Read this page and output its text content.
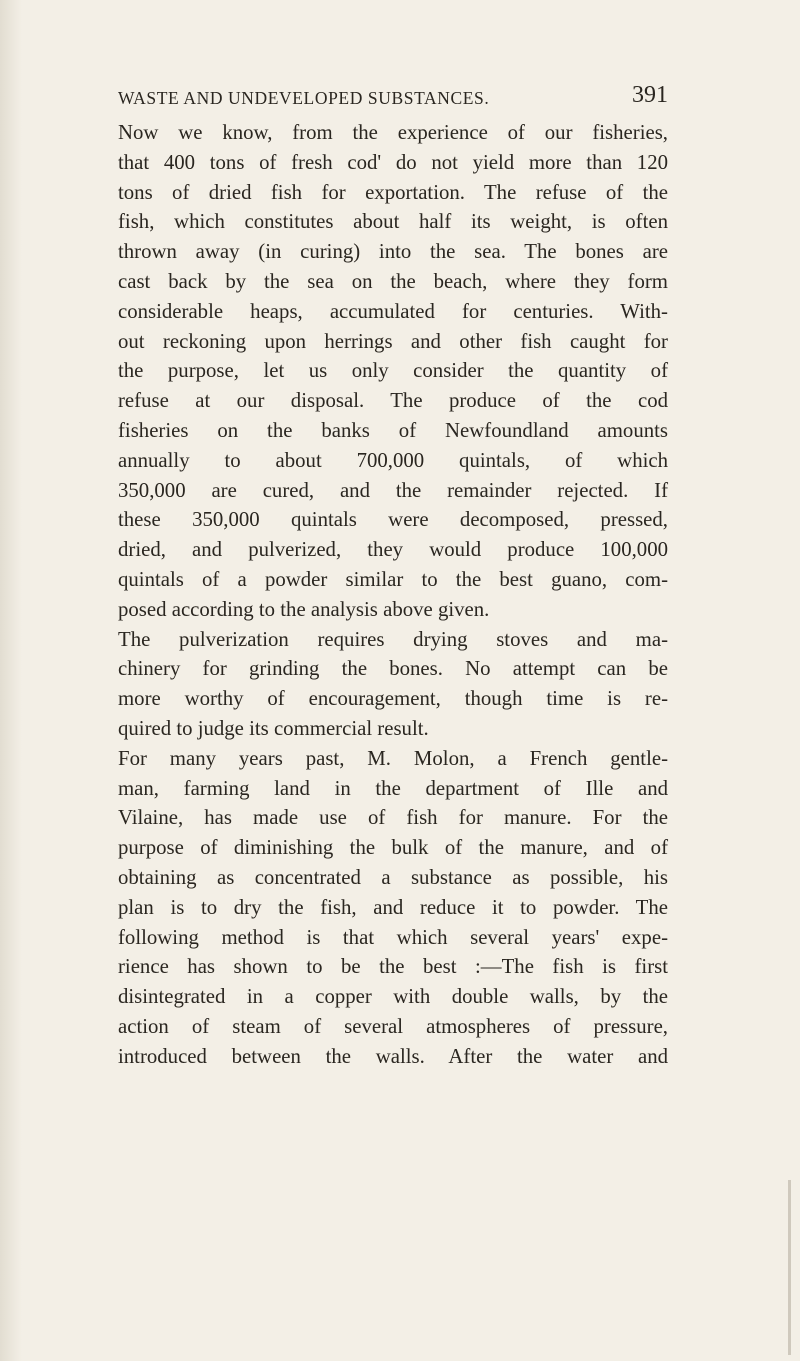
WASTE AND UNDEVELOPED SUBSTANCES.	391
Now we know, from the experience of our fisheries,
that 400 tons of fresh cod' do not yield more than 120
tons of dried fish for exportation. The refuse of the
fish, which constitutes about half its weight, is often
thrown away (in curing) into the sea. The bones are
cast back by the sea on the beach, where they form
considerable heaps, accumulated for centuries. With-
out reckoning upon herrings and other fish caught for
the purpose, let us only consider the quantity of
refuse at our disposal. The produce of the cod
fisheries on the banks of Newfoundland amounts
annually to about 700,000 quintals, of which
350,000 are cured, and the remainder rejected. If
these 350,000 quintals were decomposed, pressed,
dried, and pulverized, they would produce 100,000
quintals of a powder similar to the best guano, com-
posed according to the analysis above given.
The pulverization requires drying stoves and ma-
chinery for grinding the bones. No attempt can be
more worthy of encouragement, though time is re-
quired to judge its commercial result.
For many years past, M. Molon, a French gentle-
man, farming land in the department of Ille and
Vilaine, has made use of fish for manure. For the
purpose of diminishing the bulk of the manure, and of
obtaining as concentrated a substance as possible, his
plan is to dry the fish, and reduce it to powder. The
following method is that which several years' expe-
rience has shown to be the best :—The fish is first
disintegrated in a copper with double walls, by the
action of steam of several atmospheres of pressure,
introduced between the walls. After the water and
